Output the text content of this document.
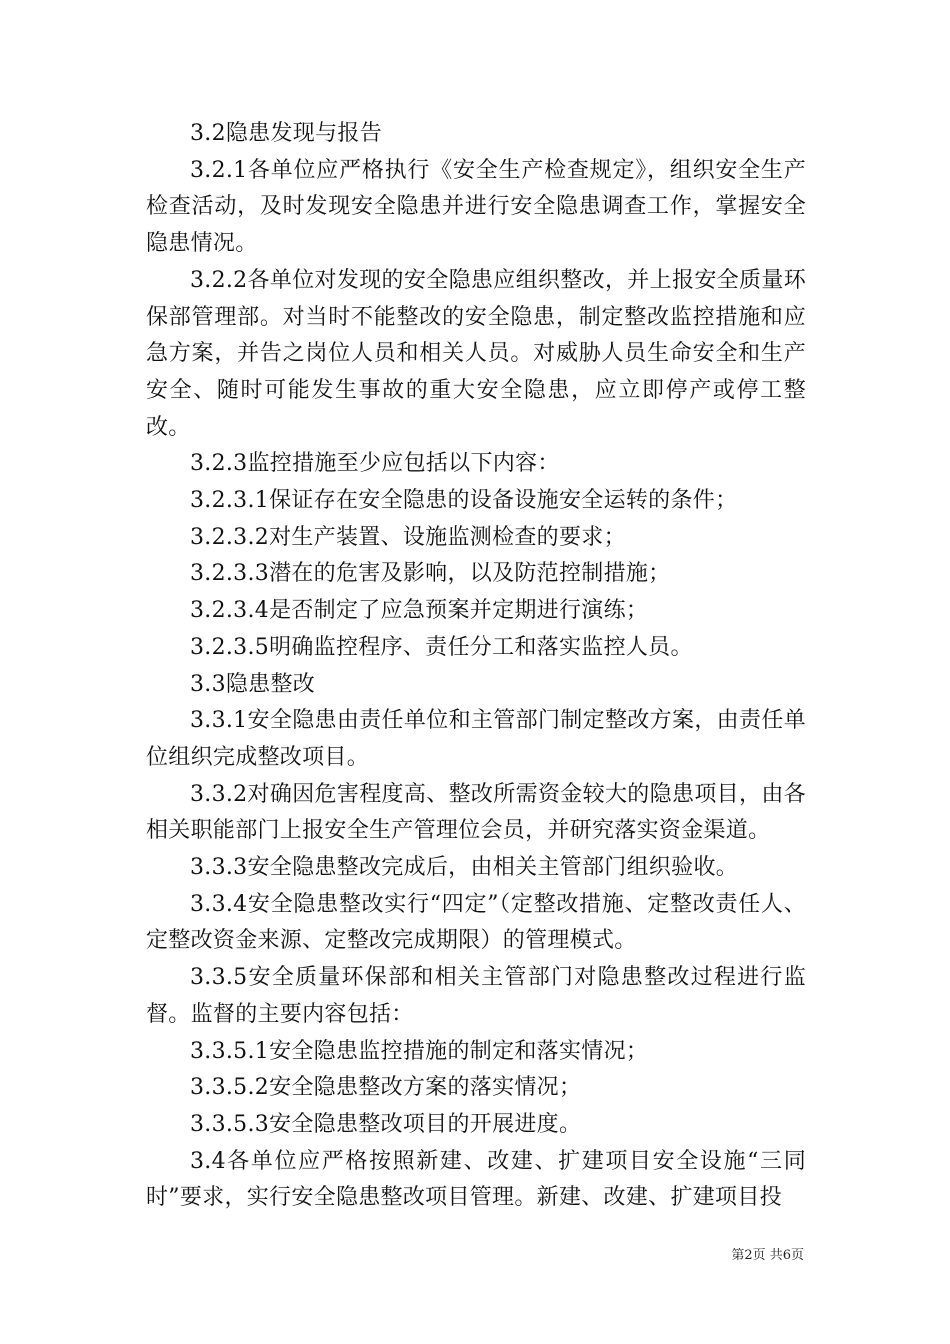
3.2隐患发现与报告

3.2.1各单位应严格执行《安全生产检查规定》，组织安全生产检查活动，及时发现安全隐患并进行安全隐患调查工作，掌握安全隐患情况。

3.2.2各单位对发现的安全隐患应组织整改，并上报安全质量环保部管理部。对当时不能整改的安全隐患，制定整改监控措施和应急方案，并告之岗位人员和相关人员。对威胁人员生命安全和生产安全、随时可能发生事故的重大安全隐患，应立即停产或停工整改。

3.2.3监控措施至少应包括以下内容：

3.2.3.1保证存在安全隐患的设备设施安全运转的条件；

3.2.3.2对生产装置、设施监测检查的要求；

3.2.3.3潜在的危害及影响，以及防范控制措施；

3.2.3.4是否制定了应急预案并定期进行演练；

3.2.3.5明确监控程序、责任分工和落实监控人员。

3.3隐患整改

3.3.1安全隐患由责任单位和主管部门制定整改方案，由责任单位组织完成整改项目。

3.3.2对确因危害程度高、整改所需资金较大的隐患项目，由各相关职能部门上报安全生产管理位会员，并研究落实资金渠道。

3.3.3安全隐患整改完成后，由相关主管部门组织验收。

3.3.4安全隐患整改实行“四定”（定整改措施、定整改责任人、定整改资金来源、定整改完成期限）的管理模式。

3.3.5安全质量环保部和相关主管部门对隐患整改过程进行监督。监督的主要内容包括：

3.3.5.1安全隐患监控措施的制定和落实情况；

3.3.5.2安全隐患整改方案的落实情况；

3.3.5.3安全隐患整改项目的开展进度。

3.4各单位应严格按照新建、改建、扩建项目安全设施“三同时”要求，实行安全隐患整改项目管理。新建、改建、扩建项目投

第2页 共6页
